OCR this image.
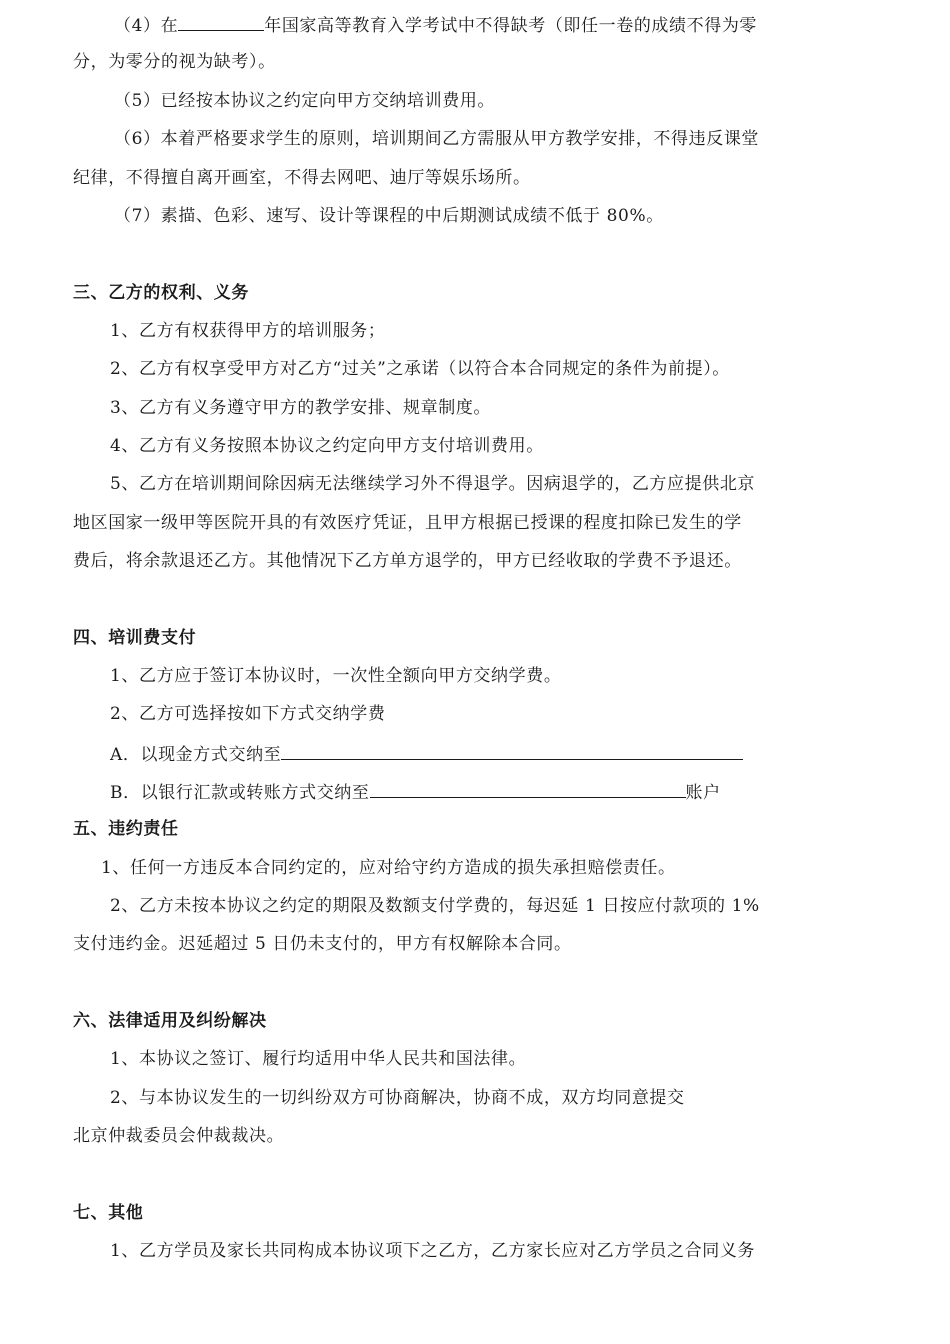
（4）在	年国家高等教育入学考试中不得缺考（即任一卷的成绩不得为零
分，为零分的视为缺考）。
（5）已经按本协议之约定向甲方交纳培训费用。
（6）本着严格要求学生的原则，培训期间乙方需服从甲方教学安排，不得违反课堂
纪律，不得擅自离开画室，不得去网吧、迪厅等娱乐场所。
（7）素描、色彩、速写、设计等课程的中后期测试成绩不低于 80%。
三、乙方的权利、义务
1、乙方有权获得甲方的培训服务；
2、乙方有权享受甲方对乙方“过关”之承诺（以符合本合同规定的条件为前提）。
3、乙方有义务遵守甲方的教学安排、规章制度。
4、乙方有义务按照本协议之约定向甲方支付培训费用。
5、乙方在培训期间除因病无法继续学习外不得退学。因病退学的，乙方应提供北京
地区国家一级甲等医院开具的有效医疗凭证，且甲方根据已授课的程度扣除已发生的学
费后，将余款退还乙方。其他情况下乙方单方退学的，甲方已经收取的学费不予退还。
四、培训费支付
1、乙方应于签订本协议时，一次性全额向甲方交纳学费。
2、乙方可选择按如下方式交纳学费
A．以现金方式交纳至
B．以银行汇款或转账方式交纳至	账户
五、违约责任
1、任何一方违反本合同约定的，应对给守约方造成的损失承担赔偿责任。
2、乙方未按本协议之约定的期限及数额支付学费的，每迟延 1 日按应付款项的 1%
支付违约金。迟延超过 5 日仍未支付的，甲方有权解除本合同。
六、法律适用及纠纷解决
1、本协议之签订、履行均适用中华人民共和国法律。
2、与本协议发生的一切纠纷双方可协商解决，协商不成，双方均同意提交
北京仲裁委员会仲裁裁决。
七、其他
1、乙方学员及家长共同构成本协议项下之乙方，乙方家长应对乙方学员之合同义务
